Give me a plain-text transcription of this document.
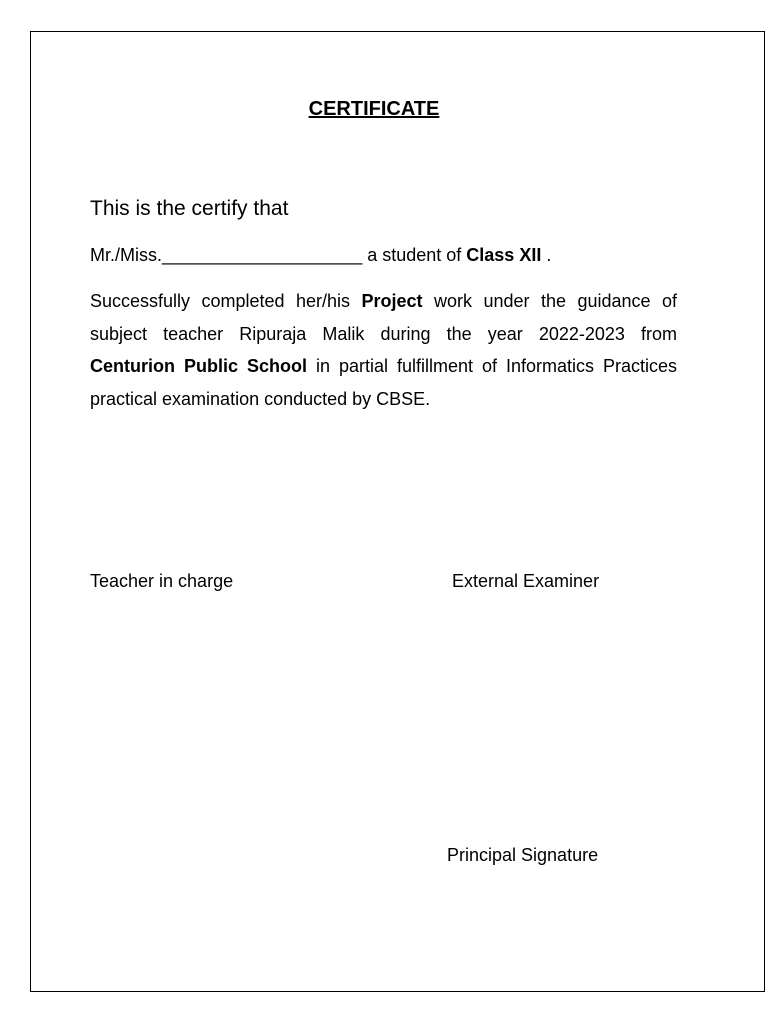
CERTIFICATE
This is the certify that
Mr./Miss.____________________ a student of Class XII .
Successfully completed her/his Project work under the guidance of subject teacher Ripuraja Malik during the year 2022-2023 from Centurion Public School in partial fulfillment of Informatics Practices practical examination conducted by CBSE.
Teacher in charge	External Examiner
Principal Signature
